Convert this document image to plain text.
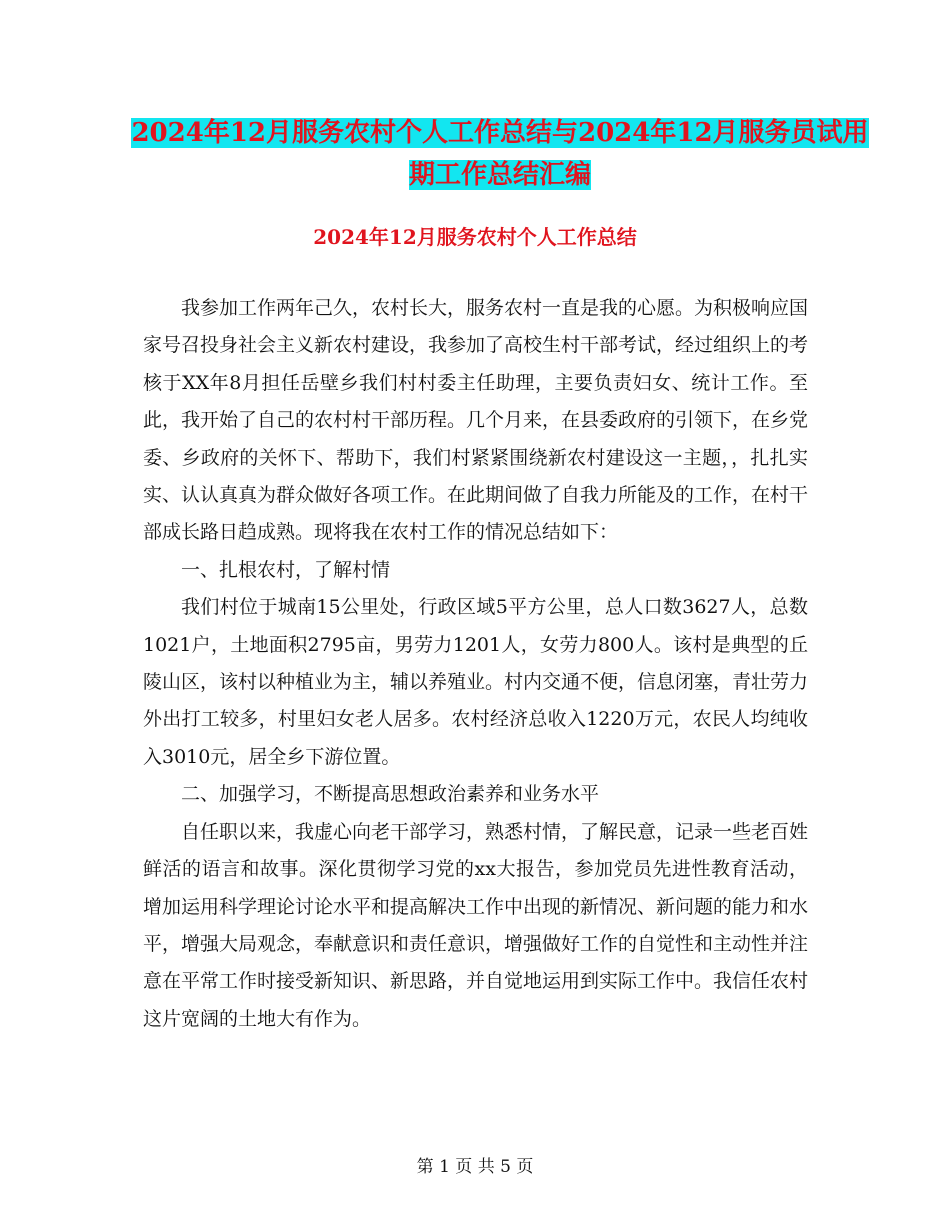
2024年12月服务农村个人工作总结与2024年12月服务员试用期工作总结汇编
2024年12月服务农村个人工作总结

我参加工作两年己久，农村长大，服务农村一直是我的心愿。为积极响应国家号召投身社会主义新农村建设，我参加了高校生村干部考试，经过组织上的考核于XX年8月担任岳壁乡我们村村委主任助理，主要负责妇女、统计工作。至此，我开始了自己的农村村干部历程。几个月来，在县委政府的引领下，在乡党委、乡政府的关怀下、帮助下，我们村紧紧围绕新农村建设这一主题，，扎扎实实、认认真真为群众做好各项工作。在此期间做了自我力所能及的工作，在村干部成长路日趋成熟。现将我在农村工作的情况总结如下：

一、扎根农村，了解村情

我们村位于城南15公里处，行政区域5平方公里，总人口数3627人，总数1021户，土地面积2795亩，男劳力1201人，女劳力800人。该村是典型的丘陵山区，该村以种植业为主，辅以养殖业。村内交通不便，信息闭塞，青壮劳力外出打工较多，村里妇女老人居多。农村经济总收入1220万元，农民人均纯收入3010元，居全乡下游位置。

二、加强学习，不断提高思想政治素养和业务水平

自任职以来，我虚心向老干部学习，熟悉村情，了解民意，记录一些老百姓鲜活的语言和故事。深化贯彻学习党的xx大报告，参加党员先进性教育活动，增加运用科学理论讨论水平和提高解决工作中出现的新情况、新问题的能力和水平，增强大局观念，奉献意识和责任意识，增强做好工作的自觉性和主动性并注意在平常工作时接受新知识、新思路，并自觉地运用到实际工作中。我信任农村这片宽阔的土地大有作为。

第 1 页 共 5 页
